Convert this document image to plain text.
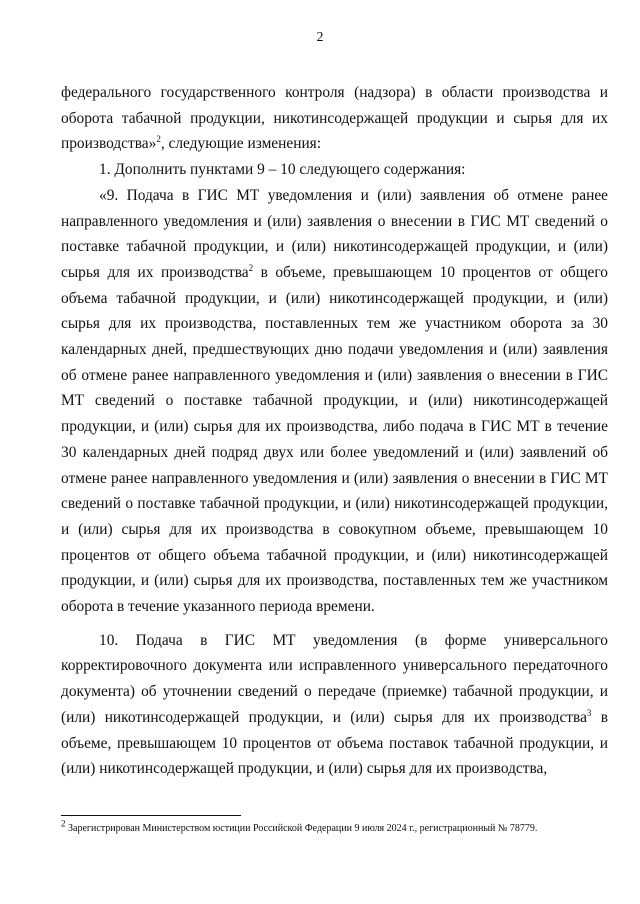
2

федерального государственного контроля (надзора) в области производства и оборота табачной продукции, никотинсодержащей продукции и сырья для их производства»$^2$, следующие изменения:

1. Дополнить пунктами 9 – 10 следующего содержания:

«9. Подача в ГИС МТ уведомления и (или) заявления об отмене ранее направленного уведомления и (или) заявления о внесении в ГИС МТ сведений о поставке табачной продукции, и (или) никотинсодержащей продукции, и (или) сырья для их производства$^2$ в объеме, превышающем 10 процентов от общего объема табачной продукции, и (или) никотинсодержащей продукции, и (или) сырья для их производства, поставленных тем же участником оборота за 30 календарных дней, предшествующих дню подачи уведомления и (или) заявления об отмене ранее направленного уведомления и (или) заявления о внесении в ГИС МТ сведений о поставке табачной продукции, и (или) никотинсодержащей продукции, и (или) сырья для их производства, либо подача в ГИС МТ в течение 30 календарных дней подряд двух или более уведомлений и (или) заявлений об отмене ранее направленного уведомления и (или) заявления о внесении в ГИС МТ сведений о поставке табачной продукции, и (или) никотинсодержащей продукции, и (или) сырья для их производства в совокупном объеме, превышающем 10 процентов от общего объема табачной продукции, и (или) никотинсодержащей продукции, и (или) сырья для их производства, поставленных тем же участником оборота в течение указанного периода времени.

10. Подача в ГИС МТ уведомления (в форме универсального корректировочного документа или исправленного универсального передаточного документа) об уточнении сведений о передаче (приемке) табачной продукции, и (или) никотинсодержащей продукции, и (или) сырья для их производства$^3$ в объеме, превышающем 10 процентов от объема поставок табачной продукции, и (или) никотинсодержащей продукции, и (или) сырья для их производства,

$^2$ Зарегистрирован Министерством юстиции Российской Федерации 9 июля 2024 г., регистрационный № 78779.
